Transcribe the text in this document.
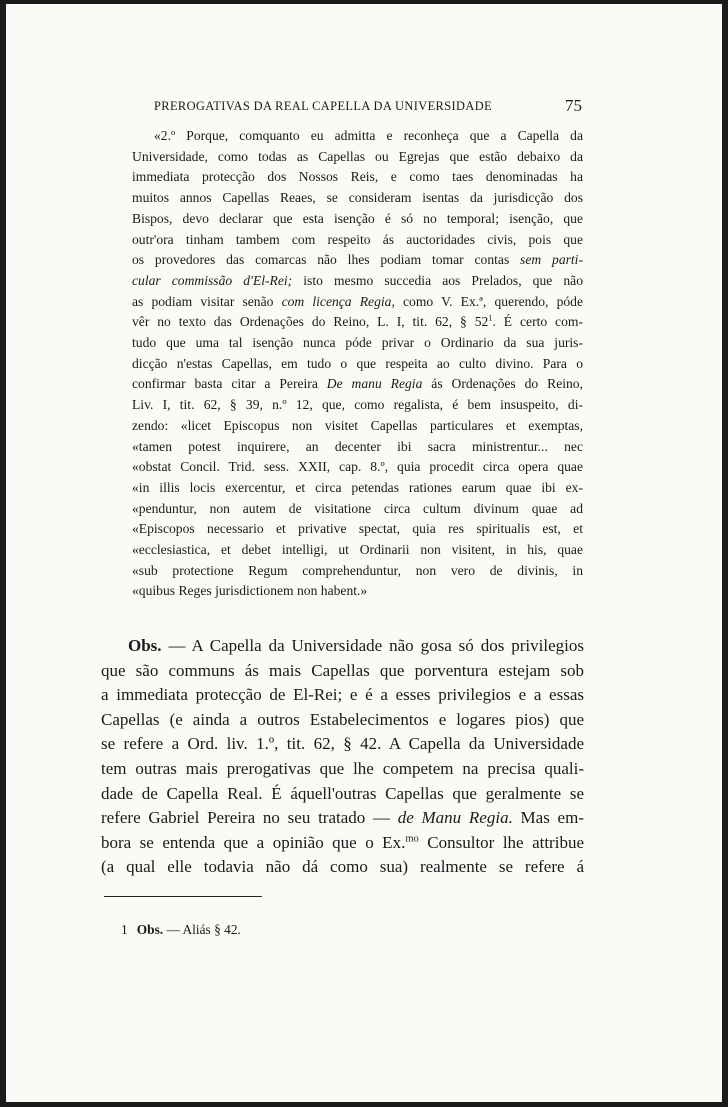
PREROGATIVAS DA REAL CAPELLA DA UNIVERSIDADE	75
«2.º Porque, comquanto eu admitta e reconheça que a Capella da
Universidade, como todas as Capellas ou Egrejas que estão debaixo da
immediata protecção dos Nossos Reis, e como taes denominadas ha
muitos annos Capellas Reaes, se consideram isentas da jurisdicção dos
Bispos, devo declarar que esta isenção é só no temporal; isenção, que
outr'ora tinham tambem com respeito ás auctoridades civis, pois que
os provedores das comarcas não lhes podiam tomar contas sem parti-
cular commissão d'El-Rei; isto mesmo succedia aos Prelados, que não
as podiam visitar senão com licença Regia, como V. Ex.ª, querendo, póde
vêr no texto das Ordenações do Reino, L. I, tit. 62, § $52^1$. É certo com-
tudo que uma tal isenção nunca póde privar o Ordinario da sua juris-
dicção n'estas Capellas, em tudo o que respeita ao culto divino. Para o
confirmar basta citar a Pereira De manu Regia ás Ordenações do Reino,
Liv. I, tit. 62, § 39, n.º 12, que, como regalista, é bem insuspeito, di-
zendo: «licet Episcopus non visitet Capellas particulares et exemptas,
«tamen potest inquirere, an decenter ibi sacra ministrentur... nec
«obstat Concil. Trid. sess. XXII, cap. 8.º, quia procedit circa opera quae
«in illis locis exercentur, et circa petendas rationes earum quae ibi ex-
«penduntur, non autem de visitatione circa cultum divinum quae ad
«Episcopos necessario et privative spectat, quia res spiritualis est, et
«ecclesiastica, et debet intelligi, ut Ordinarii non visitent, in his, quae
«sub protectione Regum comprehenduntur, non vero de divinis, in
«quibus Reges jurisdictionem non habent.»
Obs. — A Capella da Universidade não gosa só dos privilegios
que são communs ás mais Capellas que porventura estejam sob
a immediata protecção de El-Rei; e é a esses privilegios e a essas
Capellas (e ainda a outros Estabelecimentos e logares pios) que
se refere a Ord. liv. 1.º, tit. 62, § 42. A Capella da Universidade
tem outras mais prerogativas que lhe competem na precisa quali-
dade de Capella Real. É áquell'outras Capellas que geralmente se
refere Gabriel Pereira no seu tratado — de Manu Regia. Mas em-
bora se entenda que a opinião que o Ex.$^{mo}$ Consultor lhe attribue
(a qual elle todavia não dá como sua) realmente se refere á
1 Obs. — Aliás § 42.
